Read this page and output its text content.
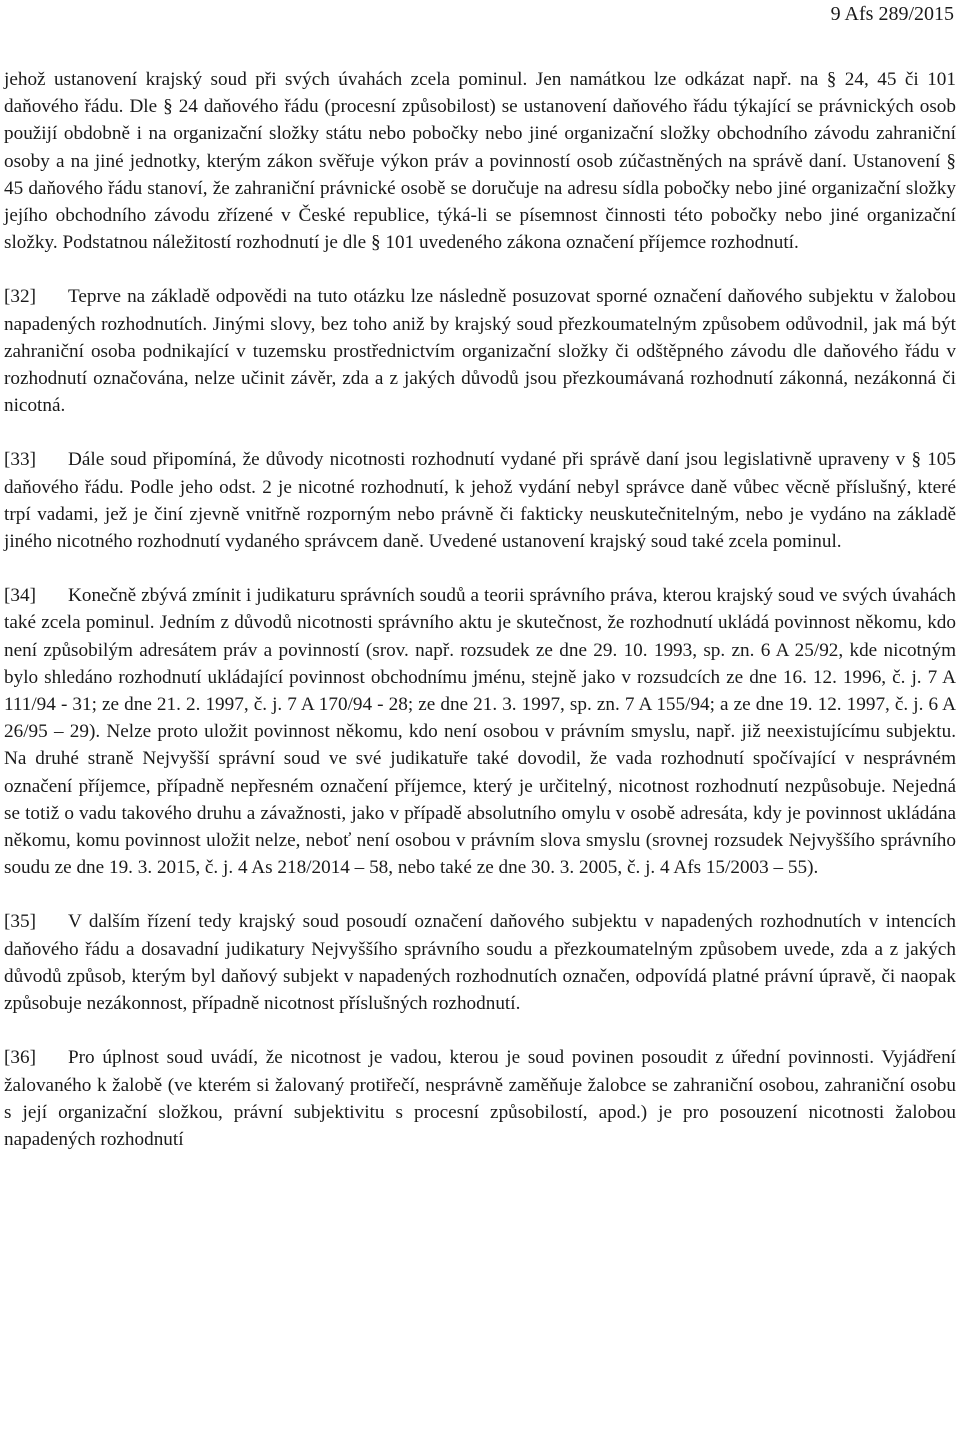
9 Afs 289/2015

jehož ustanovení krajský soud při svých úvahách zcela pominul. Jen namátkou lze odkázat např. na § 24, 45 či 101 daňového řádu. Dle § 24 daňového řádu (procesní způsobilost) se ustanovení daňového řádu týkající se právnických osob použijí obdobně i na organizační složky státu nebo pobočky nebo jiné organizační složky obchodního závodu zahraniční osoby a na jiné jednotky, kterým zákon svěřuje výkon práv a povinností osob zúčastněných na správě daní. Ustanovení § 45 daňového řádu stanoví, že zahraniční právnické osobě se doručuje na adresu sídla pobočky nebo jiné organizační složky jejího obchodního závodu zřízené v České republice, týká-li se písemnost činnosti této pobočky nebo jiné organizační složky. Podstatnou náležitostí rozhodnutí je dle § 101 uvedeného zákona označení příjemce rozhodnutí.

[32] Teprve na základě odpovědi na tuto otázku lze následně posuzovat sporné označení daňového subjektu v žalobou napadených rozhodnutích. Jinými slovy, bez toho aniž by krajský soud přezkoumatelným způsobem odůvodnil, jak má být zahraniční osoba podnikající v tuzemsku prostřednictvím organizační složky či odštěpného závodu dle daňového řádu v rozhodnutí označována, nelze učinit závěr, zda a z jakých důvodů jsou přezkoumávaná rozhodnutí zákonná, nezákonná či nicotná.

[33] Dále soud připomíná, že důvody nicotnosti rozhodnutí vydané při správě daní jsou legislativně upraveny v § 105 daňového řádu. Podle jeho odst. 2 je nicotné rozhodnutí, k jehož vydání nebyl správce daně vůbec věcně příslušný, které trpí vadami, jež je činí zjevně vnitřně rozporným nebo právně či fakticky neuskutečnitelným, nebo je vydáno na základě jiného nicotného rozhodnutí vydaného správcem daně. Uvedené ustanovení krajský soud také zcela pominul.

[34] Konečně zbývá zmínit i judikaturu správních soudů a teorii správního práva, kterou krajský soud ve svých úvahách také zcela pominul. Jedním z důvodů nicotnosti správního aktu je skutečnost, že rozhodnutí ukládá povinnost někomu, kdo není způsobilým adresátem práv a povinností (srov. např. rozsudek ze dne 29. 10. 1993, sp. zn. 6 A 25/92, kde nicotným bylo shledáno rozhodnutí ukládající povinnost obchodnímu jménu, stejně jako v rozsudcích ze dne 16. 12. 1996, č. j. 7 A 111/94 - 31; ze dne 21. 2. 1997, č. j. 7 A 170/94 - 28; ze dne 21. 3. 1997, sp. zn. 7 A 155/94; a ze dne 19. 12. 1997, č. j. 6 A 26/95 – 29). Nelze proto uložit povinnost někomu, kdo není osobou v právním smyslu, např. již neexistujícímu subjektu. Na druhé straně Nejvyšší správní soud ve své judikatuře také dovodil, že vada rozhodnutí spočívající v nesprávném označení příjemce, případně nepřesném označení příjemce, který je určitelný, nicotnost rozhodnutí nezpůsobuje. Nejedná se totiž o vadu takového druhu a závažnosti, jako v případě absolutního omylu v osobě adresáta, kdy je povinnost ukládána někomu, komu povinnost uložit nelze, neboť není osobou v právním slova smyslu (srovnej rozsudek Nejvyššího správního soudu ze dne 19. 3. 2015, č. j. 4 As 218/2014 – 58, nebo také ze dne 30. 3. 2005, č. j. 4 Afs 15/2003 – 55).

[35] V dalším řízení tedy krajský soud posoudí označení daňového subjektu v napadených rozhodnutích v intencích daňového řádu a dosavadní judikatury Nejvyššího správního soudu a přezkoumatelným způsobem uvede, zda a z jakých důvodů způsob, kterým byl daňový subjekt v napadených rozhodnutích označen, odpovídá platné právní úpravě, či naopak způsobuje nezákonnost, případně nicotnost příslušných rozhodnutí.

[36] Pro úplnost soud uvádí, že nicotnost je vadou, kterou je soud povinen posoudit z úřední povinnosti. Vyjádření žalovaného k žalobě (ve kterém si žalovaný protiřečí, nesprávně zaměňuje žalobce se zahraniční osobou, zahraniční osobu s její organizační složkou, právní subjektivitu s procesní způsobilostí, apod.) je pro posouzení nicotnosti žalobou napadených rozhodnutí
